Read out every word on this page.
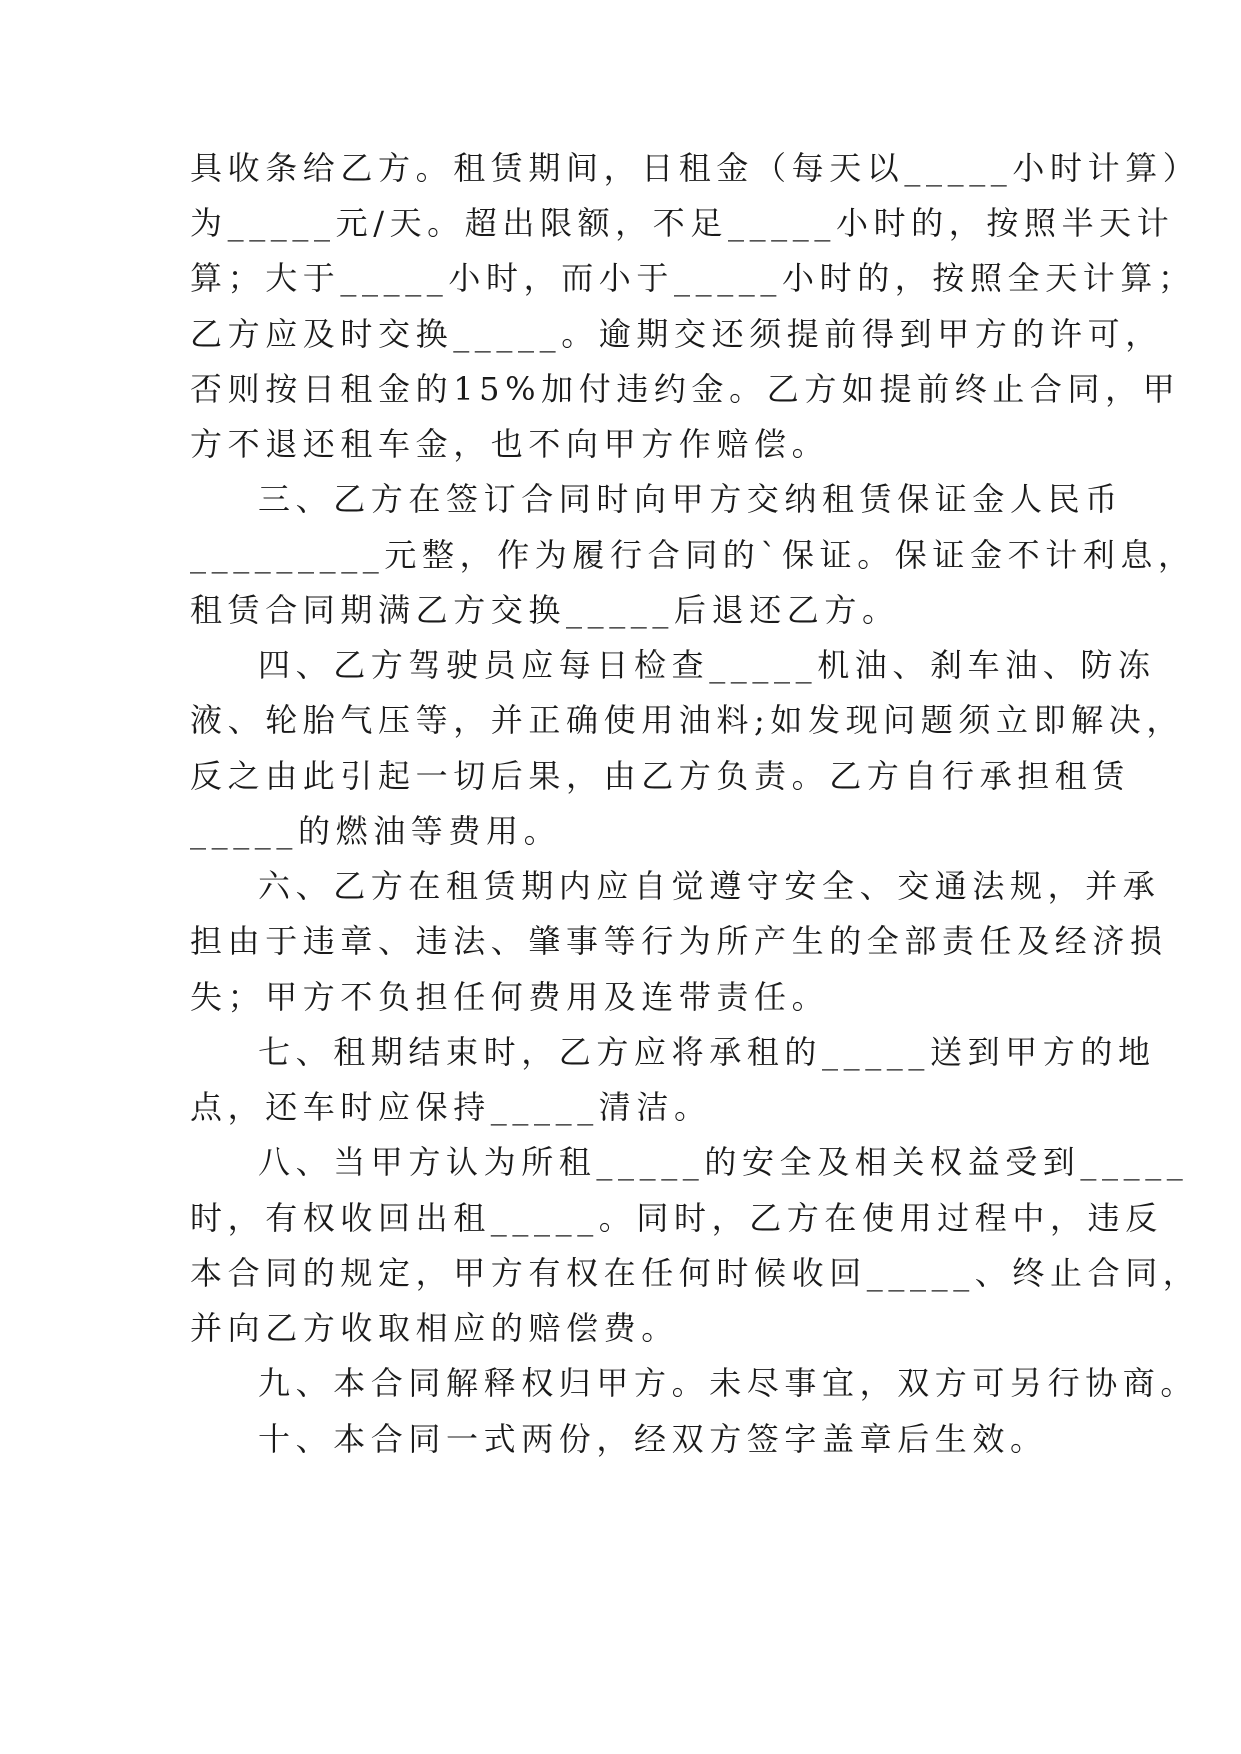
具收条给乙方。租赁期间，日租金（每天以_____小时计算）
为_____元/天。超出限额，不足_____小时的，按照半天计
算；大于_____小时，而小于_____小时的，按照全天计算；
乙方应及时交换_____。逾期交还须提前得到甲方的许可，
否则按日租金的15%加付违约金。乙方如提前终止合同，甲
方不退还租车金，也不向甲方作赔偿。
三、乙方在签订合同时向甲方交纳租赁保证金人民币
_________元整，作为履行合同的`保证。保证金不计利息，
租赁合同期满乙方交换_____后退还乙方。
四、乙方驾驶员应每日检查_____机油、刹车油、防冻
液、轮胎气压等，并正确使用油料;如发现问题须立即解决，
反之由此引起一切后果，由乙方负责。乙方自行承担租赁
_____的燃油等费用。
六、乙方在租赁期内应自觉遵守安全、交通法规，并承
担由于违章、违法、肇事等行为所产生的全部责任及经济损
失；甲方不负担任何费用及连带责任。
七、租期结束时，乙方应将承租的_____送到甲方的地
点，还车时应保持_____清洁。
八、当甲方认为所租_____的安全及相关权益受到_____
时，有权收回出租_____。同时，乙方在使用过程中，违反
本合同的规定，甲方有权在任何时候收回_____、终止合同，
并向乙方收取相应的赔偿费。
九、本合同解释权归甲方。未尽事宜，双方可另行协商。
十、本合同一式两份，经双方签字盖章后生效。
